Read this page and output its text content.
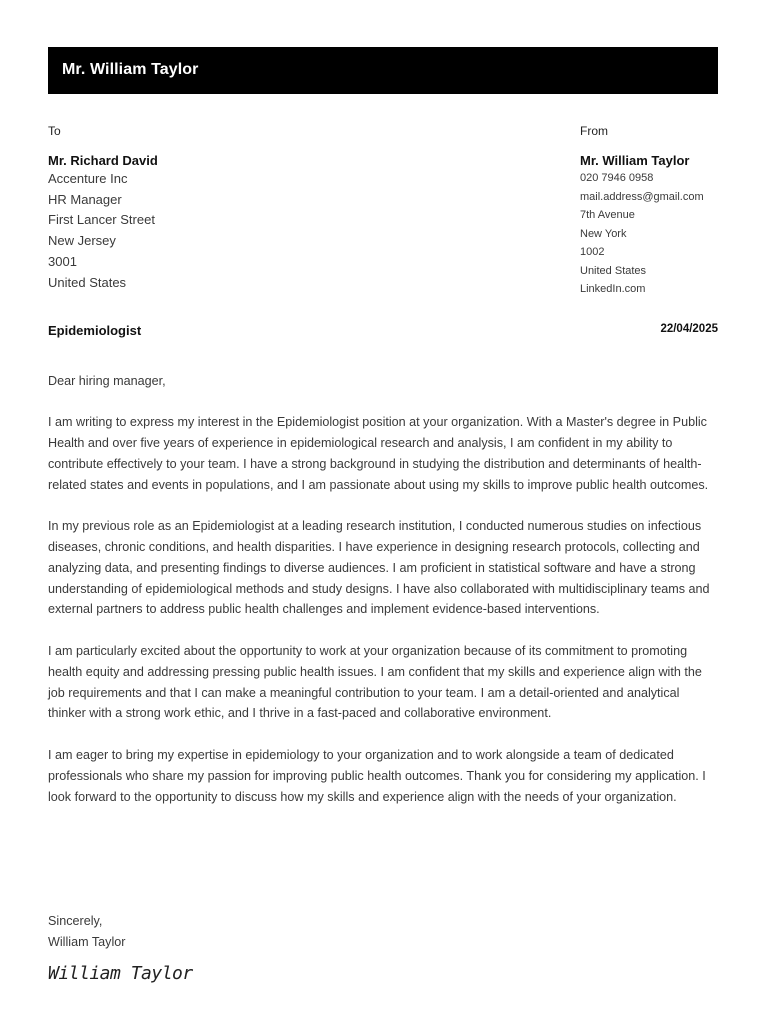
Mr. William Taylor
To
Mr. Richard David
Accenture Inc
HR Manager
First Lancer Street
New Jersey
3001
United States
From
Mr. William Taylor
020 7946 0958
mail.address@gmail.com
7th Avenue
New York
1002
United States
LinkedIn.com
Epidemiologist	22/04/2025

Dear hiring manager,

I am writing to express my interest in the Epidemiologist position at your organization. With a Master's degree in Public Health and over five years of experience in epidemiological research and analysis, I am confident in my ability to contribute effectively to your team. I have a strong background in studying the distribution and determinants of health-related states and events in populations, and I am passionate about using my skills to improve public health outcomes.

In my previous role as an Epidemiologist at a leading research institution, I conducted numerous studies on infectious diseases, chronic conditions, and health disparities. I have experience in designing research protocols, collecting and analyzing data, and presenting findings to diverse audiences. I am proficient in statistical software and have a strong understanding of epidemiological methods and study designs. I have also collaborated with multidisciplinary teams and external partners to address public health challenges and implement evidence-based interventions.

I am particularly excited about the opportunity to work at your organization because of its commitment to promoting health equity and addressing pressing public health issues. I am confident that my skills and experience align with the job requirements and that I can make a meaningful contribution to your team. I am a detail-oriented and analytical thinker with a strong work ethic, and I thrive in a fast-paced and collaborative environment.

I am eager to bring my expertise in epidemiology to your organization and to work alongside a team of dedicated professionals who share my passion for improving public health outcomes. Thank you for considering my application. I look forward to the opportunity to discuss how my skills and experience align with the needs of your organization.

Sincerely,
William Taylor
William Taylor
